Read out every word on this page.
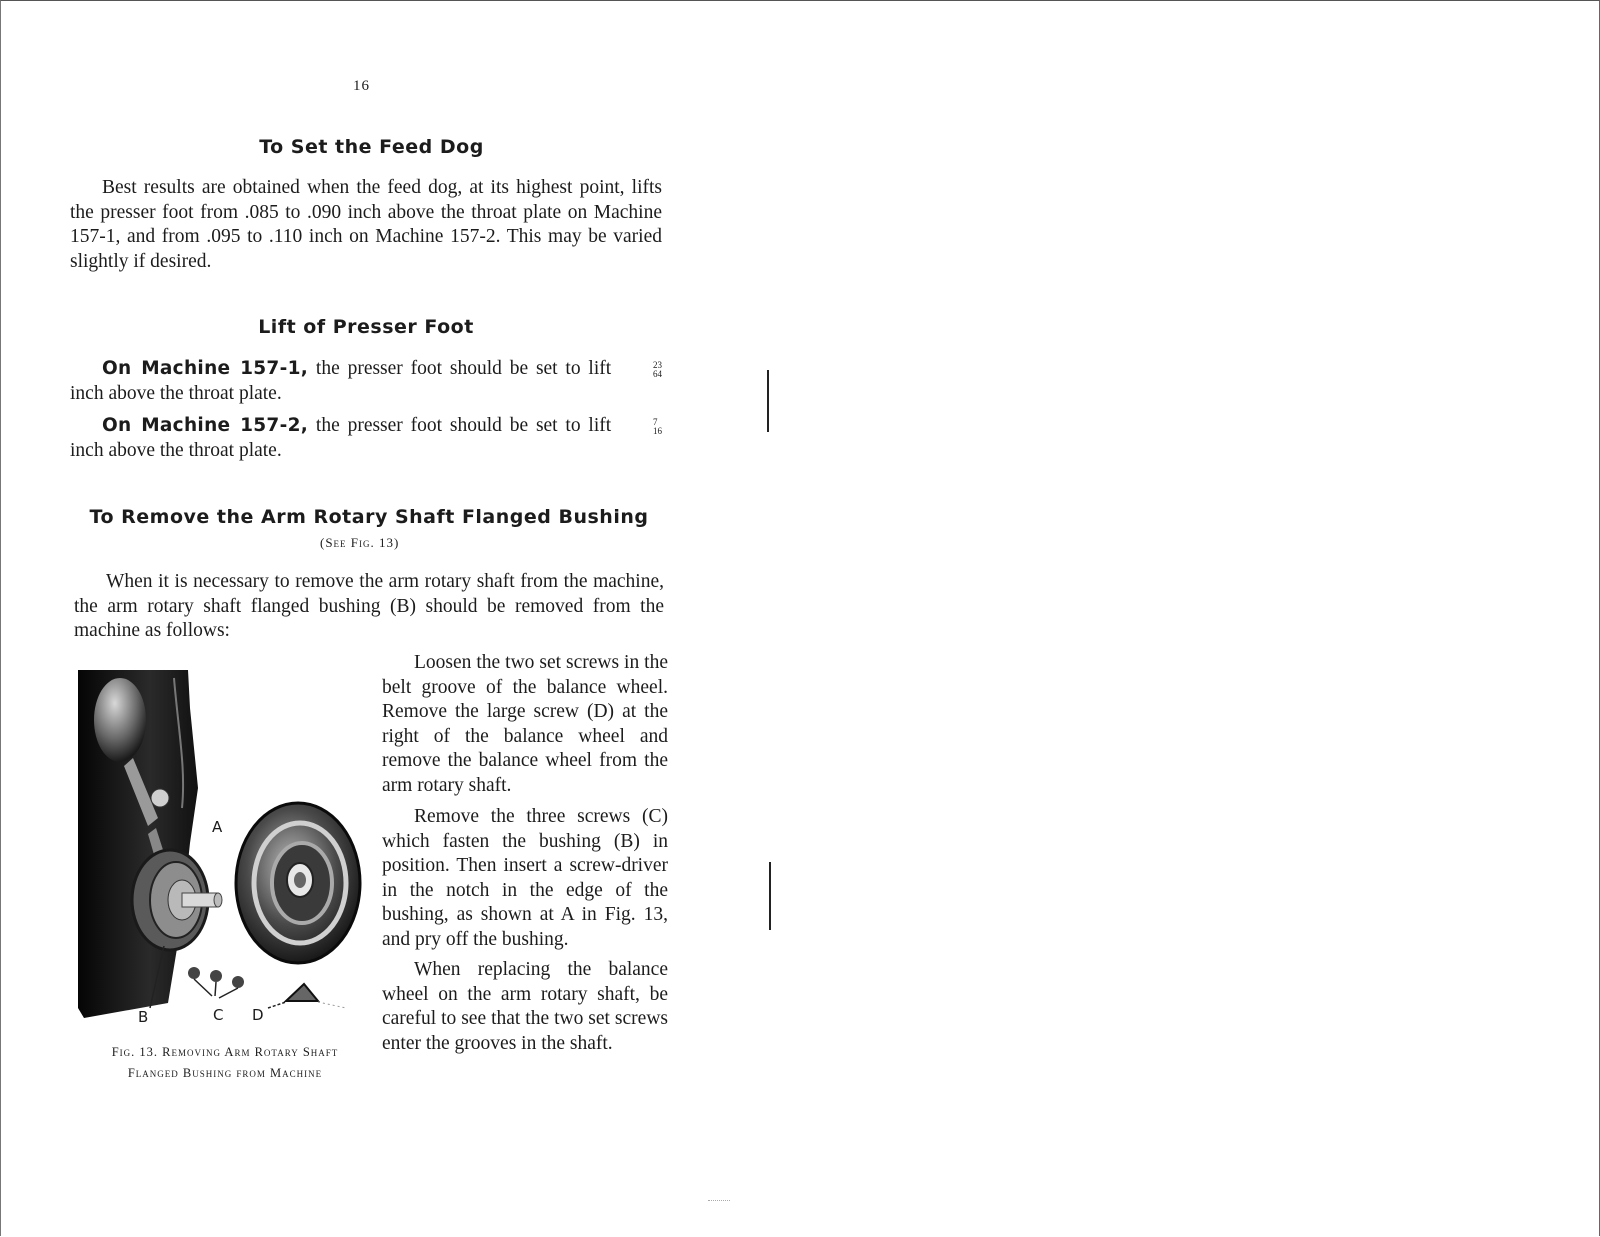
16
To Set the Feed Dog

Best results are obtained when the feed dog, at its highest point, lifts the presser foot from .085 to .090 inch above the throat plate on Machine 157-1, and from .095 to .110 inch on Machine 157-2. This may be varied slightly if desired.

Lift of Presser Foot

On Machine 157-1, the presser foot should be set to lift	23
64
inch above the throat plate.

On Machine 157-2, the presser foot should be set to lift	7
16
inch above the throat plate.

To Remove the Arm Rotary Shaft Flanged Bushing
(See Fig. 13)

When it is necessary to remove the arm rotary shaft from the machine, the arm rotary shaft flanged bushing (B) should be removed from the machine as follows:

A
B	C D
Fig. 13. Removing Arm Rotary Shaft
Flanged Bushing from Machine

Loosen the two set screws in the belt groove of the balance wheel. Remove the large screw (D) at the right of the balance wheel and remove the balance wheel from the arm rotary shaft.

Remove the three screws (C) which fasten the bushing (B) in position. Then insert a screw-driver in the notch in the edge of the bushing, as shown at A in Fig. 13, and pry off the bushing.

When replacing the balance wheel on the arm rotary shaft, be careful to see that the two set screws enter the grooves in the shaft.
